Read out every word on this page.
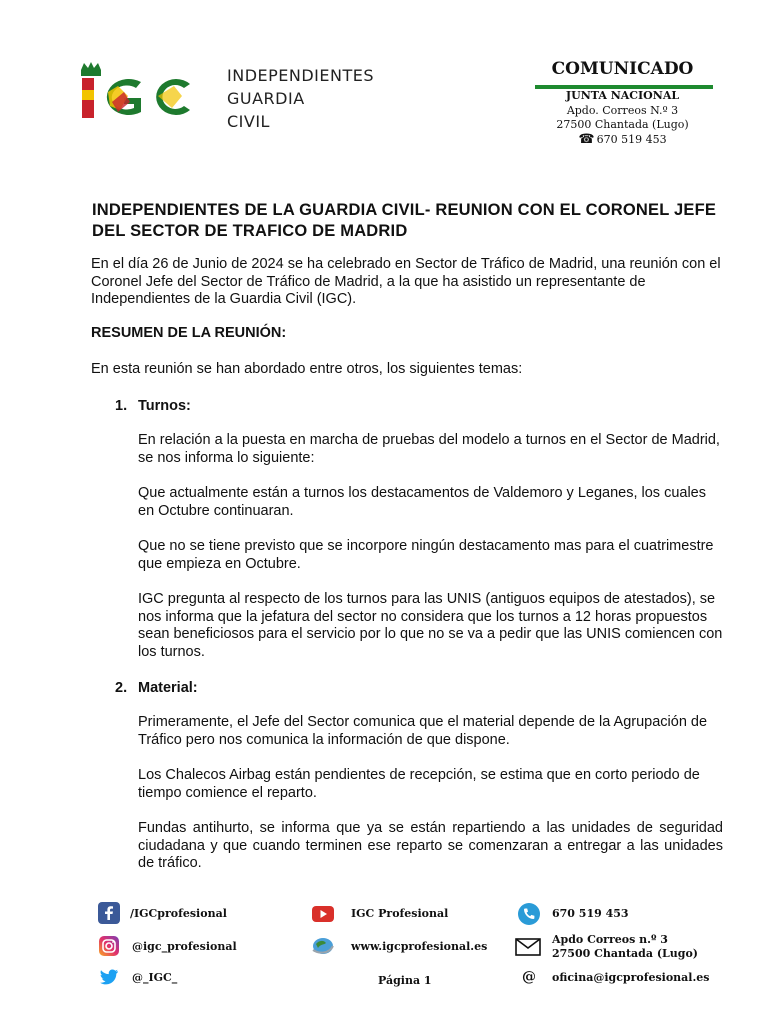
INDEPENDIENTES
GUARDIA
CIVIL
COMUNICADO
JUNTA NACIONAL
Apdo. Correos N.º 3
27500 Chantada (Lugo)
☎ 670 519 453
INDEPENDIENTES DE LA GUARDIA CIVIL- REUNION CON EL CORONEL JEFE DEL SECTOR DE TRAFICO DE MADRID
En el día 26 de Junio de 2024 se ha celebrado en Sector de Tráfico de Madrid, una reunión con el Coronel Jefe del Sector de Tráfico de Madrid, a la que ha asistido un representante de Independientes de la Guardia Civil (IGC).
RESUMEN DE LA REUNIÓN:
En esta reunión se han abordado entre otros, los siguientes temas:
1. Turnos:
En relación a la puesta en marcha de pruebas del modelo a turnos en el Sector de Madrid, se nos informa lo siguiente:
Que actualmente están a turnos los destacamentos de Valdemoro y Leganes, los cuales en Octubre continuaran.
Que no se tiene previsto que se incorpore ningún destacamento mas para el cuatrimestre que empieza en Octubre.
IGC pregunta al respecto de los turnos para las UNIS (antiguos equipos de atestados), se nos informa que la jefatura del sector no considera que los turnos a 12 horas propuestos sean beneficiosos para el servicio por lo que no se va a pedir que las UNIS comiencen con los turnos.
2. Material:
Primeramente, el Jefe del Sector comunica que el material depende de la Agrupación de Tráfico pero nos comunica la información de que dispone.
Los Chalecos Airbag están pendientes de recepción, se estima que en corto periodo de tiempo comience el reparto.
Fundas antihurto, se informa que ya se están repartiendo a las unidades de seguridad ciudadana y que cuando terminen ese reparto se comenzaran a entregar a las unidades de tráfico.
/IGCprofesional	IGC Profesional	670 519 453
@igc_profesional	www.igcprofesional.es
Apdo Correos n.º 3
27500 Chantada (Lugo)
@_IGC_	Página 1	@ oficina@igcprofesional.es
